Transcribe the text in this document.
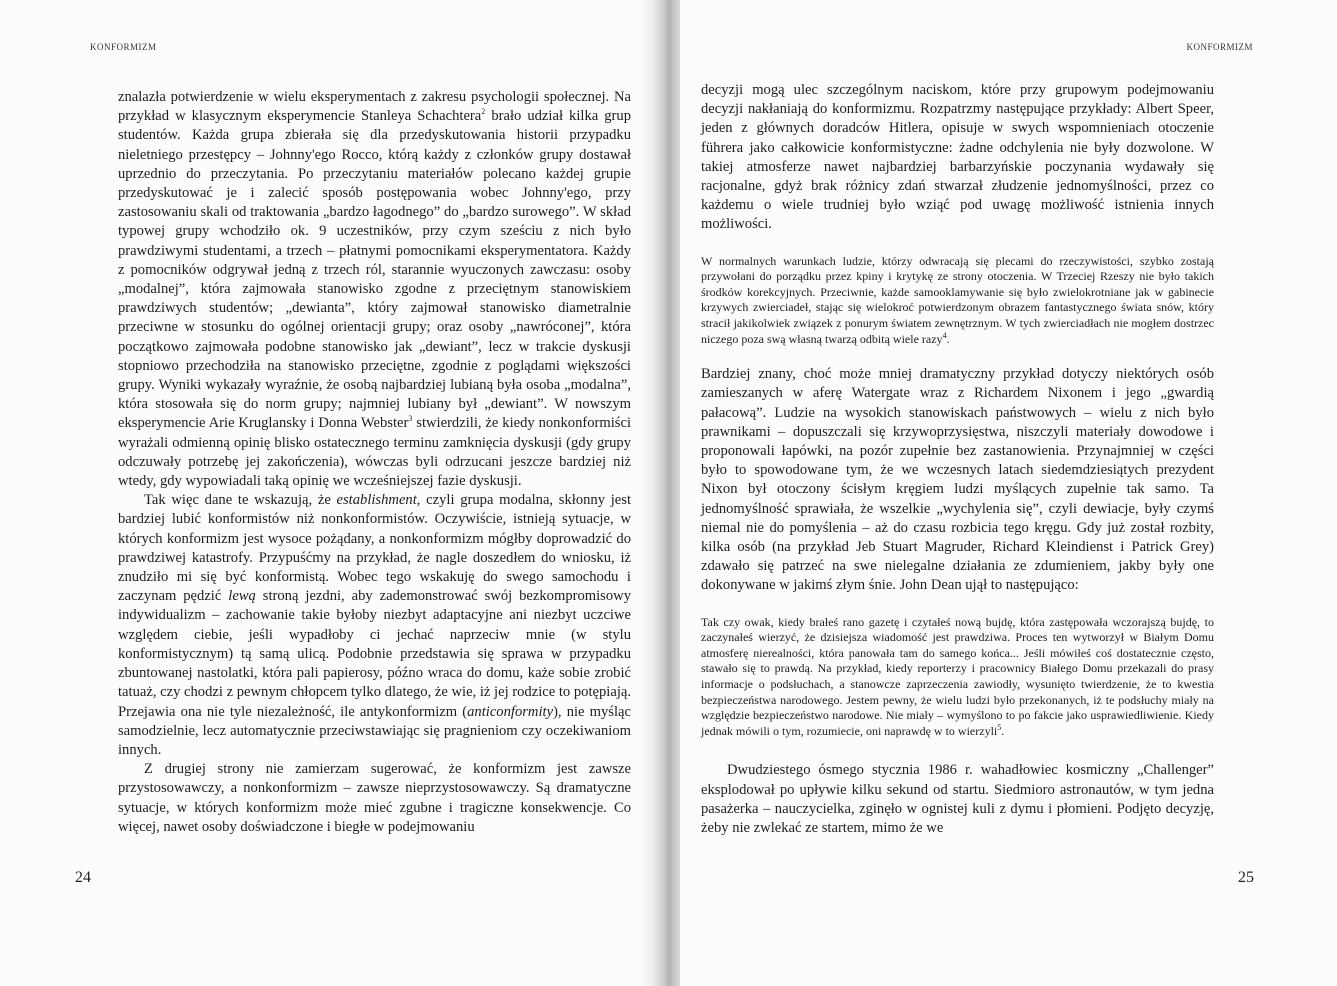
KONFORMIZM

znalazła potwierdzenie w wielu eksperymentach z zakresu psychologii społecznej. Na przykład w klasycznym eksperymencie Stanleya Schachtera$^2$ brało udział kilka grup studentów. Każda grupa zbierała się dla przedyskutowania historii przypadku nieletniego przestępcy – Johnny'ego Rocco, którą każdy z członków grupy dostawał uprzednio do przeczytania. Po przeczytaniu materiałów polecano każdej grupie przedyskutować je i zalecić sposób postępowania wobec Johnny'ego, przy zastosowaniu skali od traktowania „bardzo łagodnego” do „bardzo surowego”. W skład typowej grupy wchodziło ok. 9 uczestników, przy czym sześciu z nich było prawdziwymi studentami, a trzech – płatnymi pomocnikami eksperymentatora. Każdy z pomocników odgrywał jedną z trzech ról, starannie wyuczonych zawczasu: osoby „modalnej”, która zajmowała stanowisko zgodne z przeciętnym stanowiskiem prawdziwych studentów; „dewianta”, który zajmował stanowisko diametralnie przeciwne w stosunku do ogólnej orientacji grupy; oraz osoby „nawróconej”, która początkowo zajmowała podobne stanowisko jak „dewiant”, lecz w trakcie dyskusji stopniowo przechodziła na stanowisko przeciętne, zgodnie z poglądami większości grupy. Wyniki wykazały wyraźnie, że osobą najbardziej lubianą była osoba „modalna”, która stosowała się do norm grupy; najmniej lubiany był „dewiant”. W nowszym eksperymencie Arie Kruglansky i Donna Webster$^3$ stwierdzili, że kiedy nonkonformiści wyrażali odmienną opinię blisko ostatecznego terminu zamknięcia dyskusji (gdy grupy odczuwały potrzebę jej zakończenia), wówczas byli odrzucani jeszcze bardziej niż wtedy, gdy wypowiadali taką opinię we wcześniejszej fazie dyskusji.

Tak więc dane te wskazują, że establishment, czyli grupa modalna, skłonny jest bardziej lubić konformistów niż nonkonformistów. Oczywiście, istnieją sytuacje, w których konformizm jest wysoce pożądany, a nonkonformizm mógłby doprowadzić do prawdziwej katastrofy. Przypuśćmy na przykład, że nagle doszedłem do wniosku, iż znudziło mi się być konformistą. Wobec tego wskakuję do swego samochodu i zaczynam pędzić lewą stroną jezdni, aby zademonstrować swój bezkompromisowy indywidualizm – zachowanie takie byłoby niezbyt adaptacyjne ani niezbyt uczciwe względem ciebie, jeśli wypadłoby ci jechać naprzeciw mnie (w stylu konformistycznym) tą samą ulicą. Podobnie przedstawia się sprawa w przypadku zbuntowanej nastolatki, która pali papierosy, późno wraca do domu, każe sobie zrobić tatuaż, czy chodzi z pewnym chłopcem tylko dlatego, że wie, iż jej rodzice to potępiają. Przejawia ona nie tyle niezależność, ile antykonformizm (anticonformity), nie myśląc samodzielnie, lecz automatycznie przeciwstawiając się pragnieniom czy oczekiwaniom innych.

Z drugiej strony nie zamierzam sugerować, że konformizm jest zawsze przystosowawczy, a nonkonformizm – zawsze nieprzystosowawczy. Są dramatyczne sytuacje, w których konformizm może mieć zgubne i tragiczne konsekwencje. Co więcej, nawet osoby doświadczone i biegłe w podejmowaniu

24
KONFORMIZM

decyzji mogą ulec szczególnym naciskom, które przy grupowym podejmowaniu decyzji nakłaniają do konformizmu. Rozpatrzmy następujące przykłady: Albert Speer, jeden z głównych doradców Hitlera, opisuje w swych wspomnieniach otoczenie führera jako całkowicie konformistyczne: żadne odchylenia nie były dozwolone. W takiej atmosferze nawet najbardziej barbarzyńskie poczynania wydawały się racjonalne, gdyż brak różnicy zdań stwarzał złudzenie jednomyślności, przez co każdemu o wiele trudniej było wziąć pod uwagę możliwość istnienia innych możliwości.

W normalnych warunkach ludzie, którzy odwracają się plecami do rzeczywistości, szybko zostają przywołani do porządku przez kpiny i krytykę ze strony otoczenia. W Trzeciej Rzeszy nie było takich środków korekcyjnych. Przeciwnie, każde samooklamywanie się było zwielokrotniane jak w gabinecie krzywych zwierciadeł, stając się wielokroć potwierdzonym obrazem fantastycznego świata snów, który stracił jakikolwiek związek z ponurym światem zewnętrznym. W tych zwierciadłach nie mogłem dostrzec niczego poza swą własną twarzą odbitą wiele razy$^4$.

Bardziej znany, choć może mniej dramatyczny przykład dotyczy niektórych osób zamieszanych w aferę Watergate wraz z Richardem Nixonem i jego „gwardią pałacową”. Ludzie na wysokich stanowiskach państwowych – wielu z nich było prawnikami – dopuszczali się krzywoprzysięstwa, niszczyli materiały dowodowe i proponowali łapówki, na pozór zupełnie bez zastanowienia. Przynajmniej w części było to spowodowane tym, że we wczesnych latach siedemdziesiątych prezydent Nixon był otoczony ścisłym kręgiem ludzi myślących zupełnie tak samo. Ta jednomyślność sprawiała, że wszelkie „wychylenia się”, czyli dewiacje, były czymś niemal nie do pomyślenia – aż do czasu rozbicia tego kręgu. Gdy już został rozbity, kilka osób (na przykład Jeb Stuart Magruder, Richard Kleindienst i Patrick Grey) zdawało się patrzeć na swe nielegalne działania ze zdumieniem, jakby były one dokonywane w jakimś złym śnie. John Dean ujął to następująco:

Tak czy owak, kiedy brałeś rano gazetę i czytałeś nową bujdę, która zastępowała wczorajszą bujdę, to zaczynałeś wierzyć, że dzisiejsza wiadomość jest prawdziwa. Proces ten wytworzył w Białym Domu atmosferę nierealności, która panowała tam do samego końca... Jeśli mówiłeś coś dostatecznie często, stawało się to prawdą. Na przykład, kiedy reporterzy i pracownicy Białego Domu przekazali do prasy informacje o podsłuchach, a stanowcze zaprzeczenia zawiodły, wysunięto twierdzenie, że to kwestia bezpieczeństwa narodowego. Jestem pewny, że wielu ludzi było przekonanych, iż te podsłuchy miały na względzie bezpieczeństwo narodowe. Nie miały – wymyślono to po fakcie jako usprawiedliwienie. Kiedy jednak mówili o tym, rozumiecie, oni naprawdę w to wierzyli$^5$.

Dwudziestego ósmego stycznia 1986 r. wahadłowiec kosmiczny „Challenger” eksplodował po upływie kilku sekund od startu. Siedmioro astronautów, w tym jedna pasażerka – nauczycielka, zginęło w ognistej kuli z dymu i płomieni. Podjęto decyzję, żeby nie zwlekać ze startem, mimo że we

25
